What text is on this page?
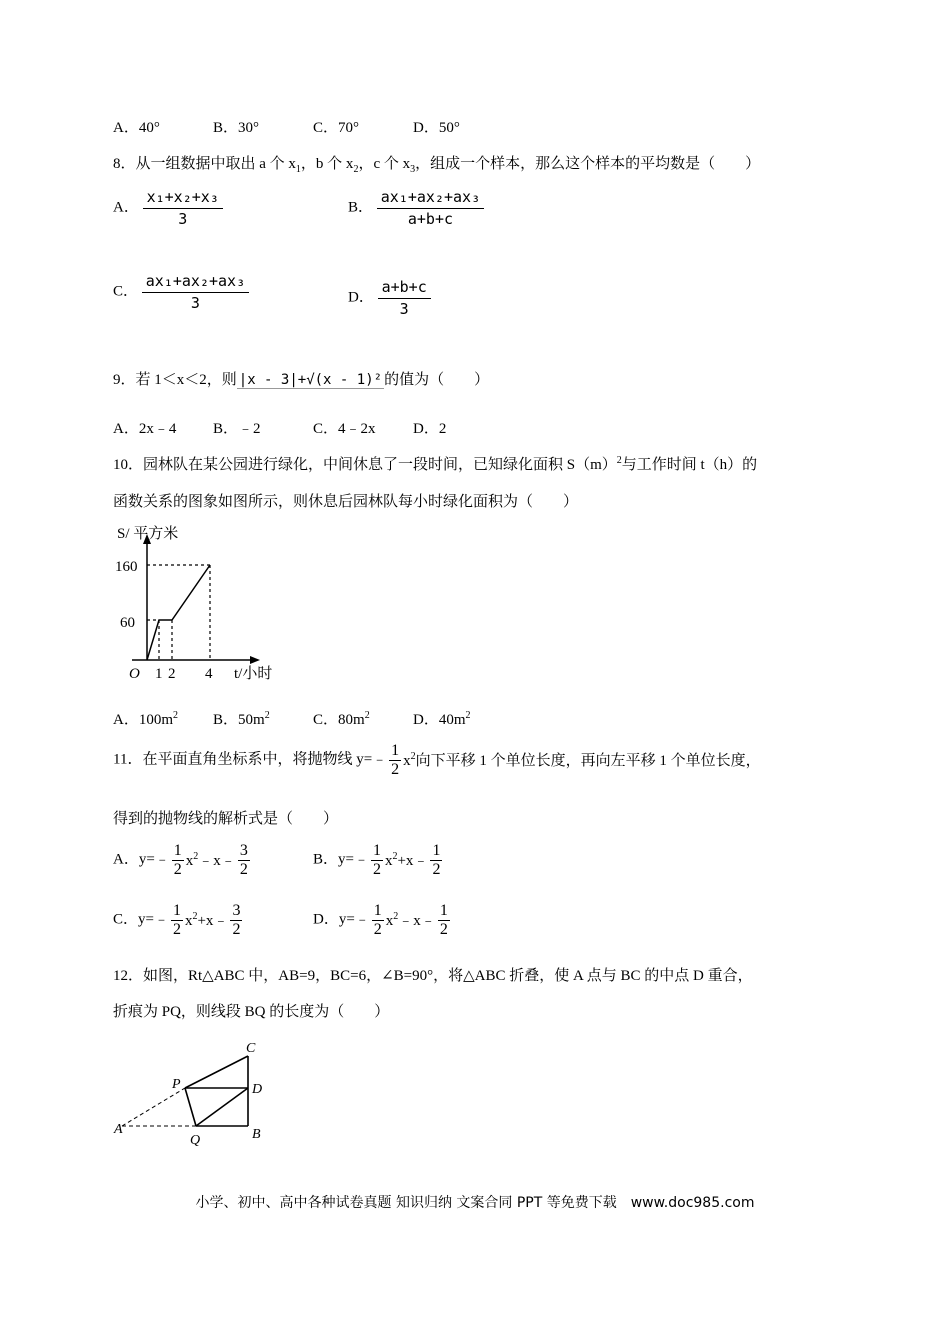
A．40°	B．30°	C．70°	D．50°
8．从一组数据中取出 a 个 $x_1$，b 个 $x_2$，c 个 $x_3$，组成一个样本，那么这个样本的平均数是（　　）
A． $\frac{\text{x₁+x₂+x₃}}{3}$	B． $\frac{\text{ax₁+ax₂+ax₃}}{a+b+c}$
C． $\frac{\text{ax₁+ax₂+ax₃}}{3}$	D． $\frac{a+b+c}{3}$
9．若 1＜x＜2，则 |x - 3|+√(x - 1)² 的值为（　　）
A．2x﹣4 B．﹣2	C．4﹣2x D．2
10．园林队在某公园进行绿化，中间休息了一段时间，已知绿化面积 $S(m)^2$与工作时间 t（h）的
函数关系的图象如图所示，则休息后园林队每小时绿化面积为（　　）
S/ 平方米
160
60
O 1 2 4 t/小时
A．$100m^2$ B．$50m^2$	C．$80m^2$	D．$40m^2$
11．在平面直角坐标系中，将抛物线 y=﹣ $\frac{1}{2} x^2$向下平移 1 个单位长度，再向左平移 1 个单位长度，
得到的抛物线的解析式是（　　）
A．y=﹣ $\frac{1}{2}$ $x^2﹣x﹣ \frac{3}{2}$	B．y=﹣ $\frac{1}{2}$ $x^2+x﹣ \frac{1}{2}$
C．y=﹣ $\frac{1}{2}$ $x^2+x﹣ \frac{3}{2}$	D．y=﹣ $\frac{1}{2}$ $x^2﹣x﹣ \frac{1}{2}$
12．如图，Rt△ABC 中，AB=9，BC=6，∠B=90°，将△ABC 折叠，使 A 点与 BC 的中点 D 重合，
折痕为 PQ，则线段 BQ 的长度为（　　）
A
Q	B
D
C
P
小学、初中、高中各种试卷真题 知识归纳 文案合同 PPT 等免费下载　www.doc985.com
